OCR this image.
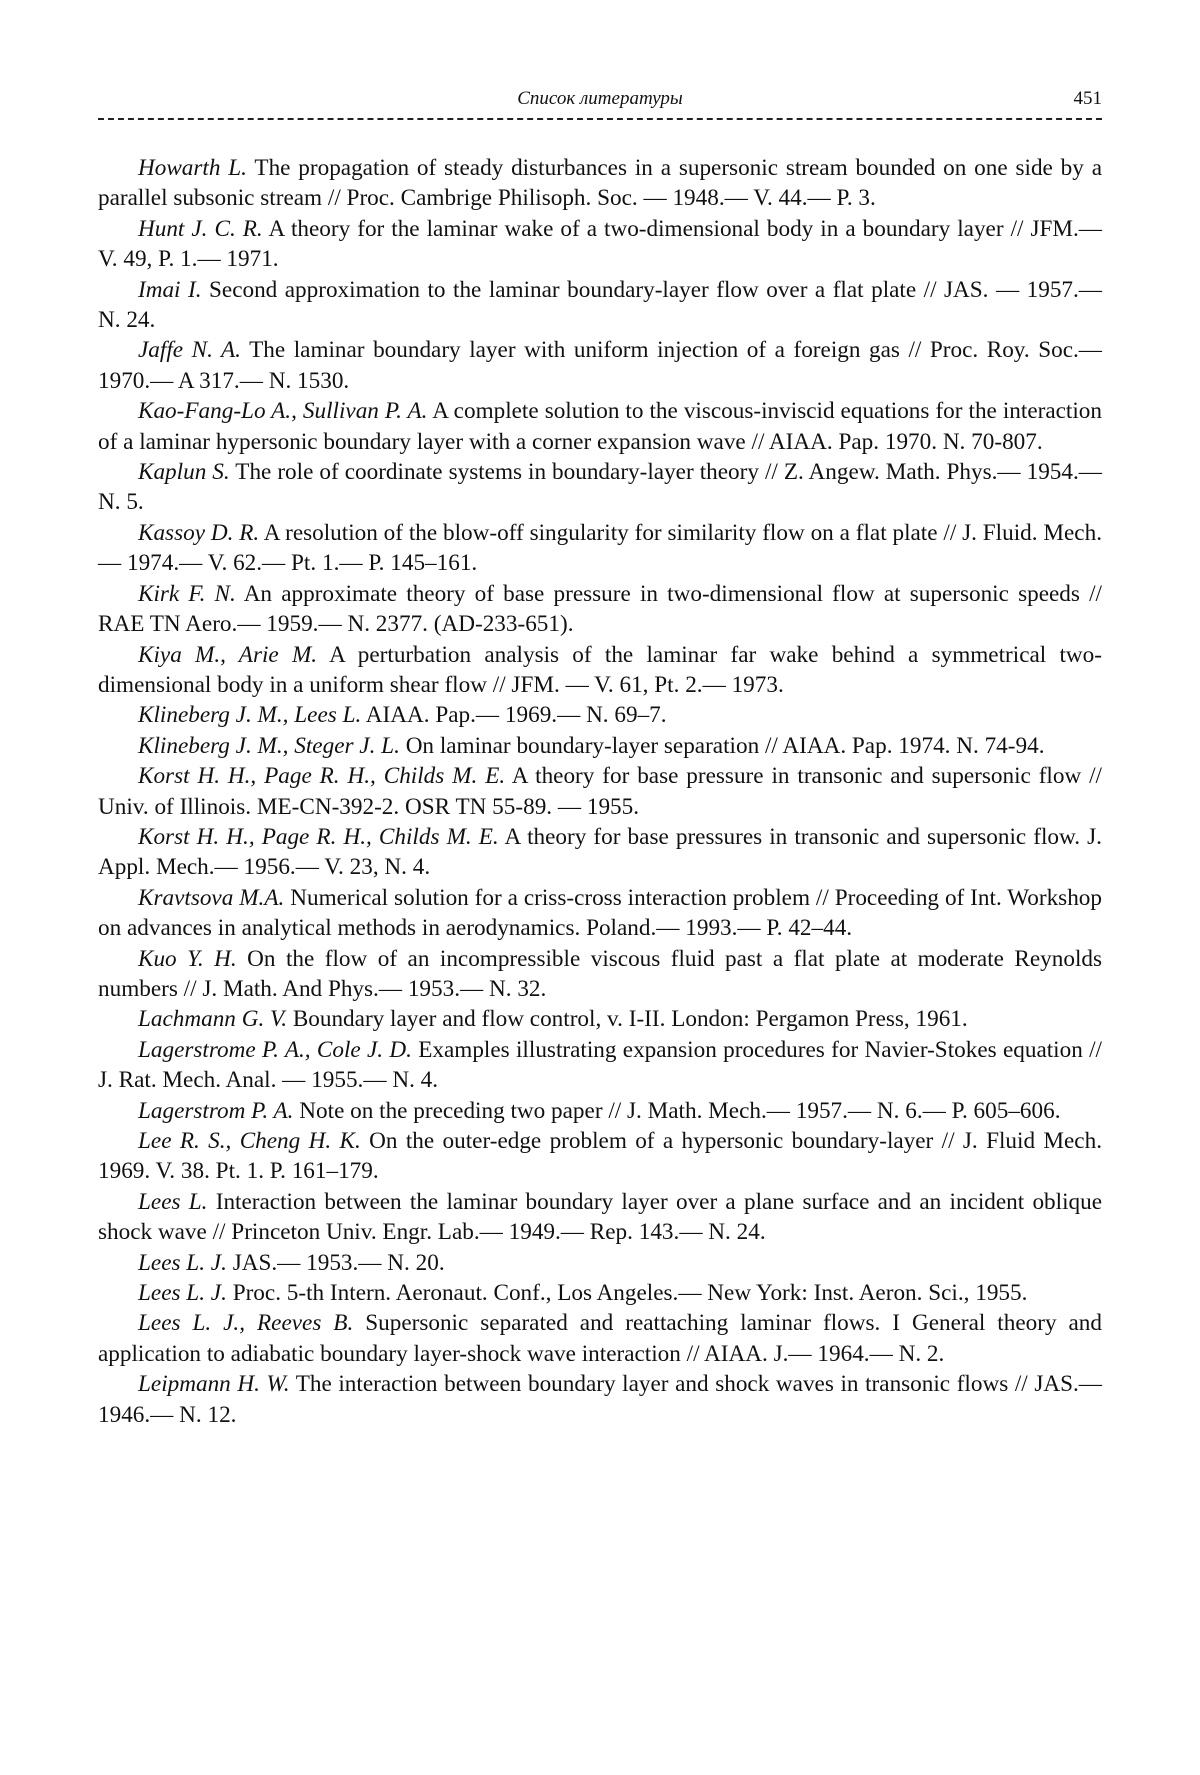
Список литературы	451

Howarth L. The propagation of steady disturbances in a supersonic stream bounded on one side by a parallel subsonic stream // Proc. Cambrige Philisoph. Soc. — 1948.— V. 44.— P. 3.

Hunt J. C. R. A theory for the laminar wake of a two-dimensional body in a boundary layer // JFM.— V. 49, P. 1.— 1971.

Imai I. Second approximation to the laminar boundary-layer flow over a flat plate // JAS. — 1957.— N. 24.

Jaffe N. A. The laminar boundary layer with uniform injection of a foreign gas // Proc. Roy. Soc.— 1970.— A 317.— N. 1530.

Kao-Fang-Lo A., Sullivan P. A. A complete solution to the viscous-inviscid equations for the interaction of a laminar hypersonic boundary layer with a corner expansion wave // AIAA. Pap. 1970. N. 70-807.

Kaplun S. The role of coordinate systems in boundary-layer theory // Z. Angew. Math. Phys.— 1954.— N. 5.

Kassoy D. R. A resolution of the blow-off singularity for similarity flow on a flat plate // J. Fluid. Mech.— 1974.— V. 62.— Pt. 1.— P. 145–161.

Kirk F. N. An approximate theory of base pressure in two-dimensional flow at supersonic speeds // RAE TN Aero.— 1959.— N. 2377. (AD-233-651).

Kiya M., Arie M. A perturbation analysis of the laminar far wake behind a symmetrical two-dimensional body in a uniform shear flow // JFM. — V. 61, Pt. 2.— 1973.

Klineberg J. M., Lees L. AIAA. Pap.— 1969.— N. 69–7.

Klineberg J. M., Steger J. L. On laminar boundary-layer separation // AIAA. Pap. 1974. N. 74-94.

Korst H. H., Page R. H., Childs M. E. A theory for base pressure in transonic and supersonic flow // Univ. of Illinois. ME-CN-392-2. OSR TN 55-89. — 1955.

Korst H. H., Page R. H., Childs M. E. A theory for base pressures in transonic and supersonic flow. J. Appl. Mech.— 1956.— V. 23, N. 4.

Kravtsova M.A. Numerical solution for a criss-cross interaction problem // Proceeding of Int. Workshop on advances in analytical methods in aerodynamics. Poland.— 1993.— P. 42–44.

Kuo Y. H. On the flow of an incompressible viscous fluid past a flat plate at moderate Reynolds numbers // J. Math. And Phys.— 1953.— N. 32.

Lachmann G. V. Boundary layer and flow control, v. I-II. London: Pergamon Press, 1961.

Lagerstrome P. A., Cole J. D. Examples illustrating expansion procedures for Navier-Stokes equation // J. Rat. Mech. Anal. — 1955.— N. 4.

Lagerstrom P. A. Note on the preceding two paper // J. Math. Mech.— 1957.— N. 6.— P. 605–606.

Lee R. S., Cheng H. K. On the outer-edge problem of a hypersonic boundary-layer // J. Fluid Mech. 1969. V. 38. Pt. 1. P. 161–179.

Lees L. Interaction between the laminar boundary layer over a plane surface and an incident oblique shock wave // Princeton Univ. Engr. Lab.— 1949.— Rep. 143.— N. 24.

Lees L. J. JAS.— 1953.— N. 20.

Lees L. J. Proc. 5-th Intern. Aeronaut. Conf., Los Angeles.— New York: Inst. Aeron. Sci., 1955.

Lees L. J., Reeves B. Supersonic separated and reattaching laminar flows. I General theory and application to adiabatic boundary layer-shock wave interaction // AIAA. J.— 1964.— N. 2.

Leipmann H. W. The interaction between boundary layer and shock waves in transonic flows // JAS.— 1946.— N. 12.
